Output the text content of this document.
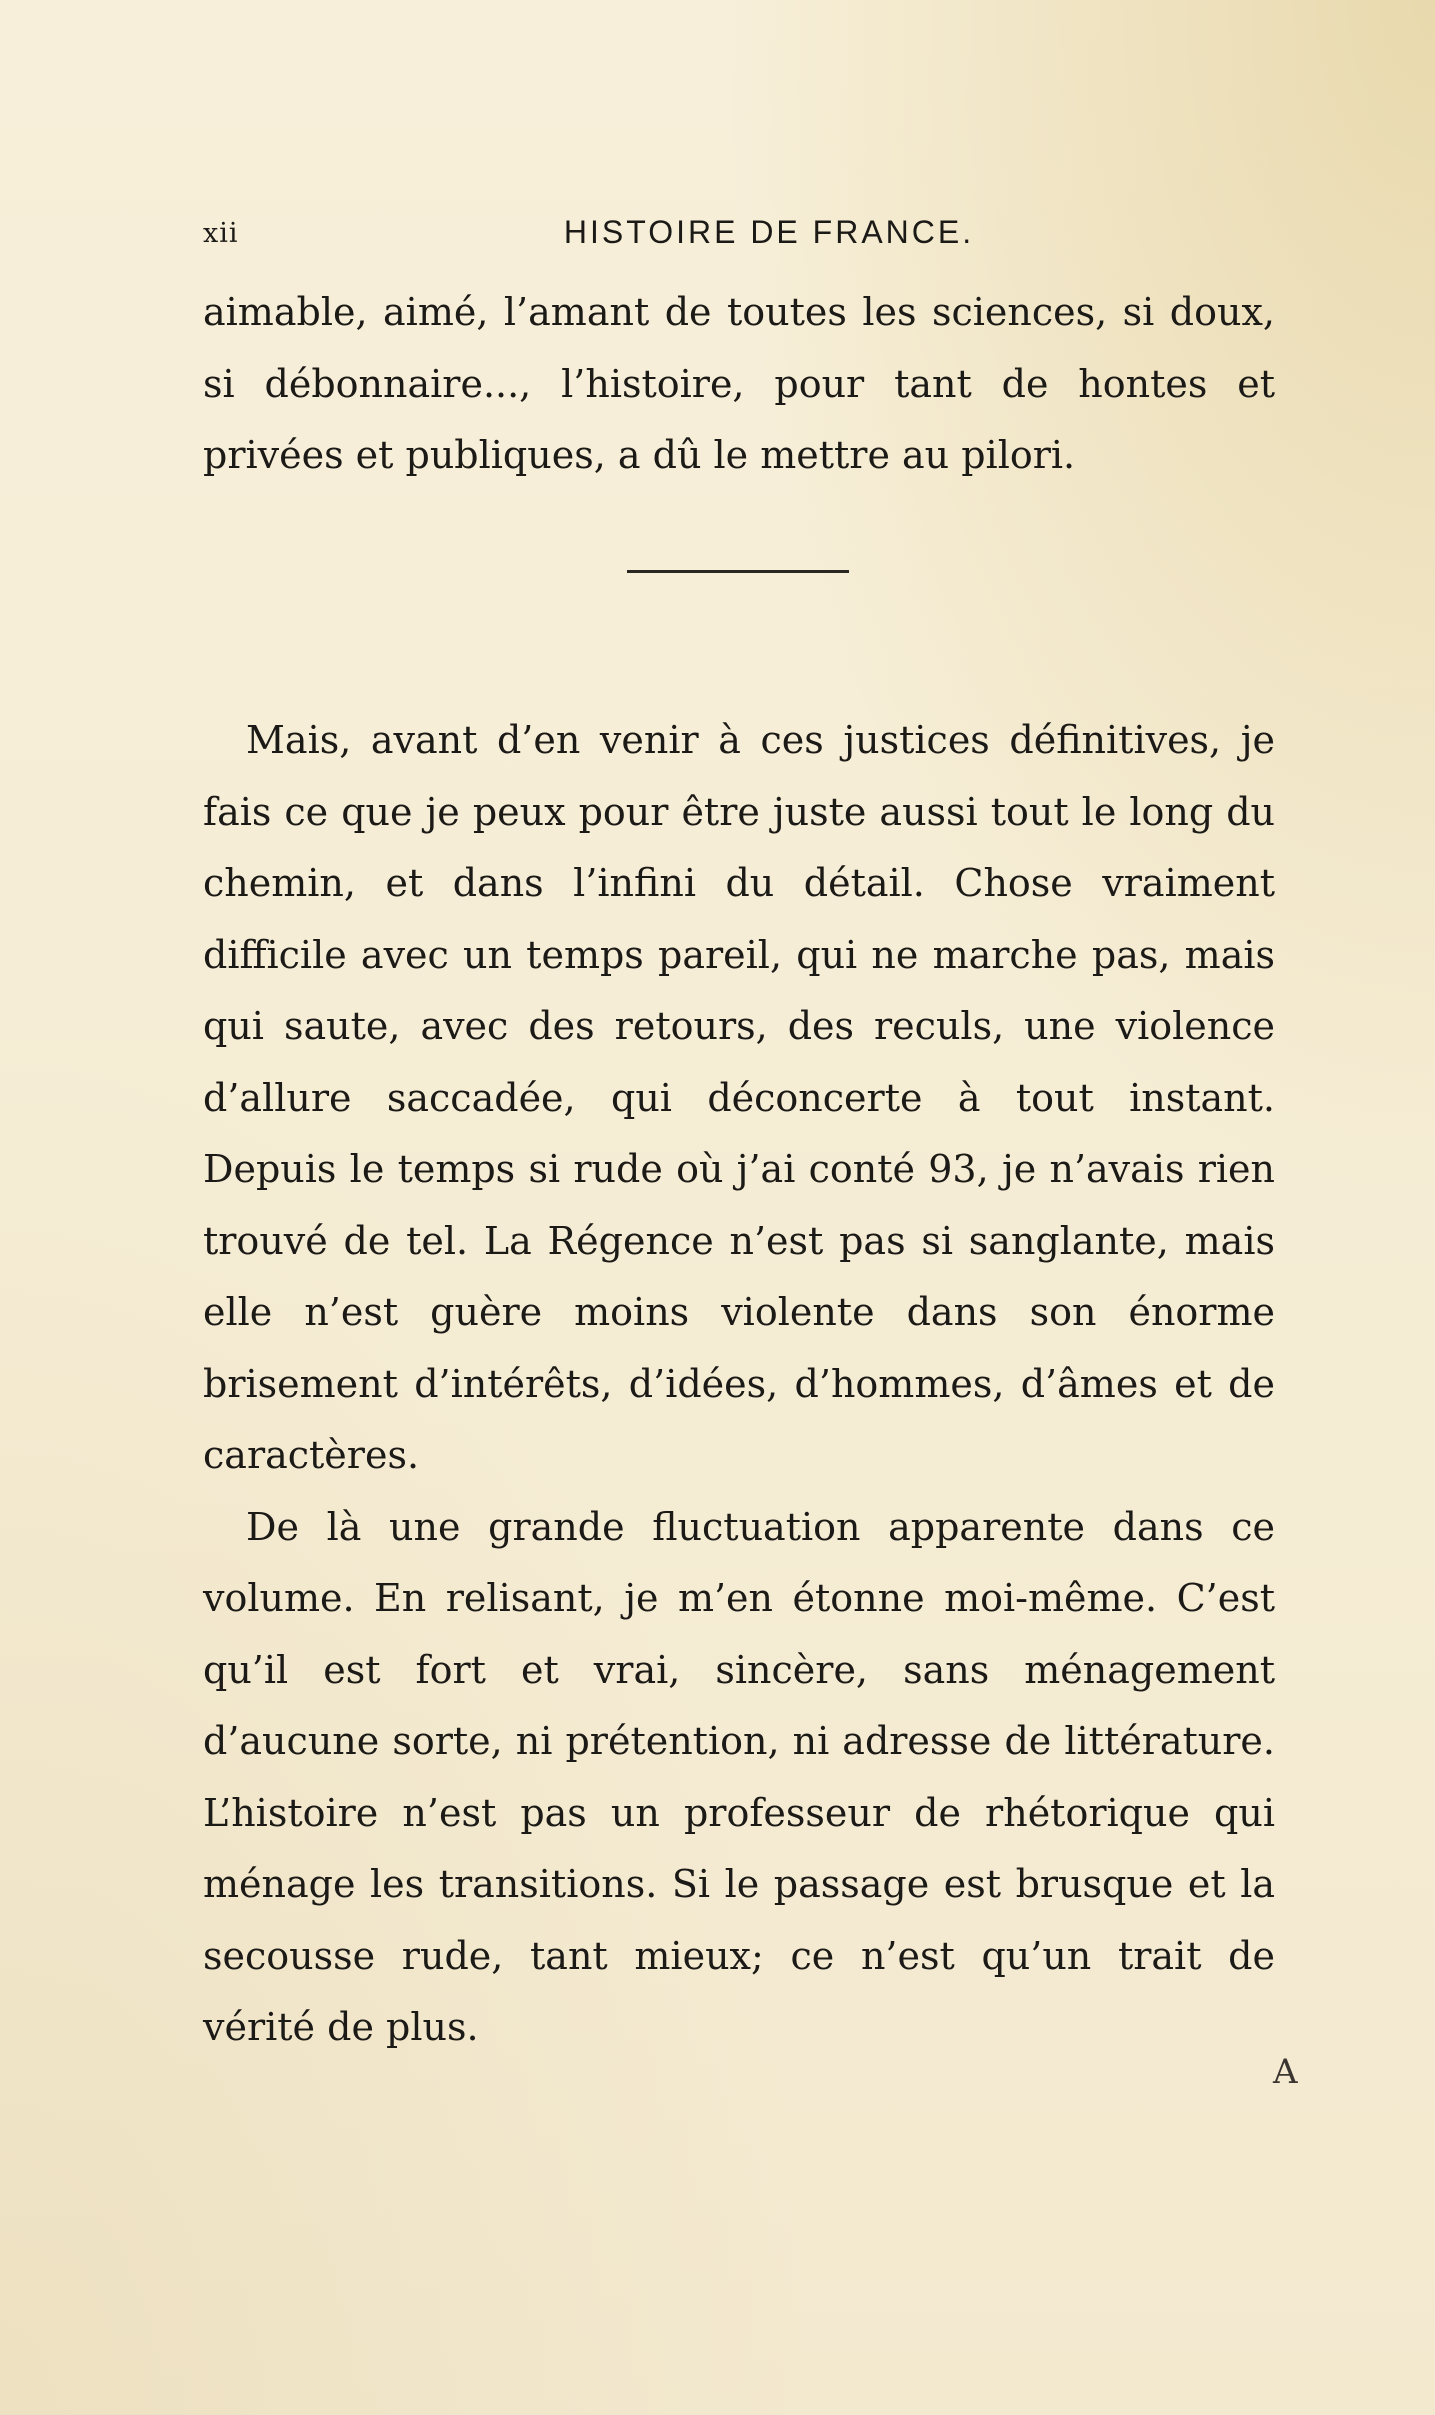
xii	HISTOIRE DE FRANCE.

aimable, aimé, l’amant de toutes les sciences, si doux, si débonnaire..., l’histoire, pour tant de hontes et privées et publiques, a dû le mettre au pilori.

Mais, avant d’en venir à ces justices définitives, je fais ce que je peux pour être juste aussi tout le long du chemin, et dans l’infini du détail. Chose vraiment difficile avec un temps pareil, qui ne marche pas, mais qui saute, avec des retours, des reculs, une violence d’allure saccadée, qui déconcerte à tout instant. Depuis le temps si rude où j’ai conté 93, je n’avais rien trouvé de tel. La Régence n’est pas si sanglante, mais elle n’est guère moins violente dans son énorme brisement d’intérêts, d’idées, d’hommes, d’âmes et de caractères.

De là une grande fluctuation apparente dans ce volume. En relisant, je m’en étonne moi-même. C’est qu’il est fort et vrai, sincère, sans ménagement d’aucune sorte, ni prétention, ni adresse de littérature. L’histoire n’est pas un professeur de rhétorique qui ménage les transitions. Si le passage est brusque et la secousse rude, tant mieux; ce n’est qu’un trait de vérité de plus.

A
